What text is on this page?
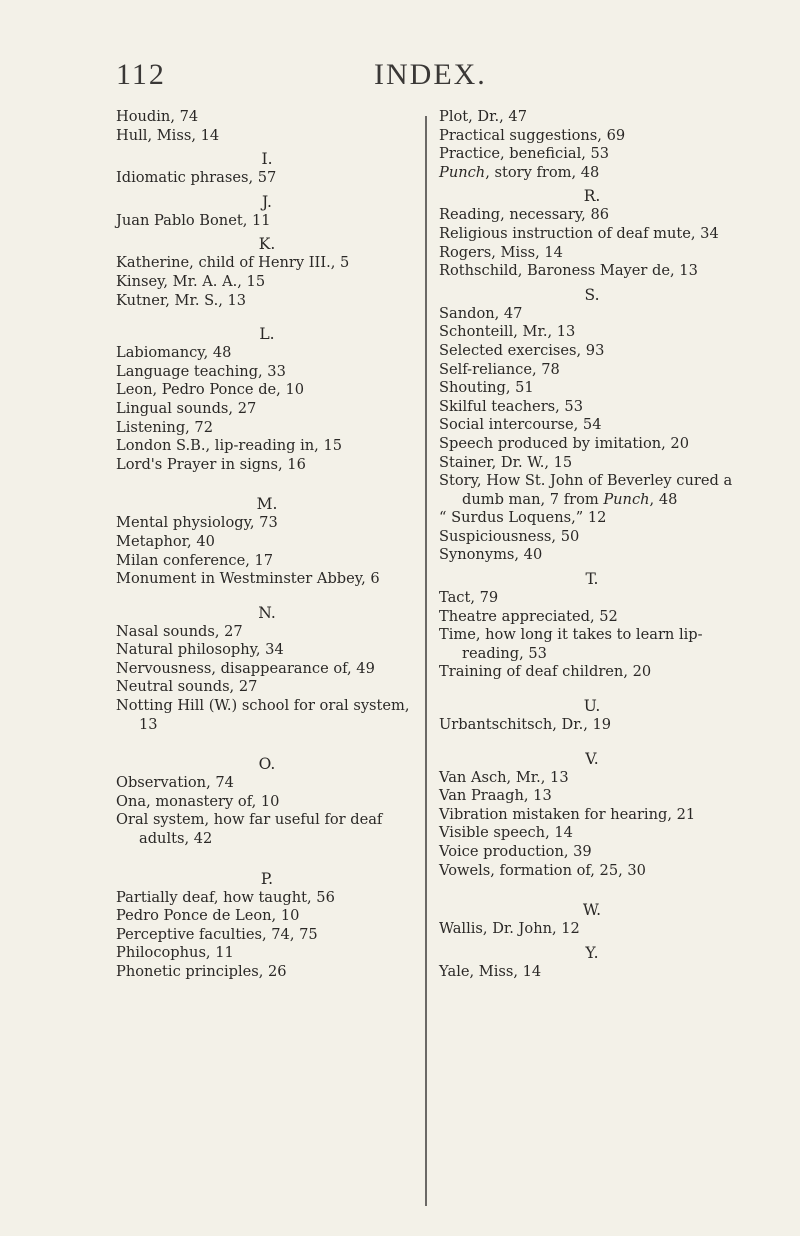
112	INDEX.
Houdin, 74
Hull, Miss, 14
I.
Idiomatic phrases, 57
J.
Juan Pablo Bonet, 11
K.
Katherine, child of Henry III., 5
Kinsey, Mr. A. A., 15
Kutner, Mr. S., 13
L.
Labiomancy, 48
Language teaching, 33
Leon, Pedro Ponce de, 10
Lingual sounds, 27
Listening, 72
London S.B., lip-reading in, 15
Lord's Prayer in signs, 16
M.
Mental physiology, 73
Metaphor, 40
Milan conference, 17
Monument in Westminster Abbey, 6
N.
Nasal sounds, 27
Natural philosophy, 34
Nervousness, disappearance of, 49
Neutral sounds, 27
Notting Hill (W.) school for oral system, 13
O.
Observation, 74
Ona, monastery of, 10
Oral system, how far useful for deaf adults, 42
P.
Partially deaf, how taught, 56
Pedro Ponce de Leon, 10
Perceptive faculties, 74, 75
Philocophus, 11
Phonetic principles, 26
Plot, Dr., 47
Practical suggestions, 69
Practice, beneficial, 53
Punch, story from, 48
R.
Reading, necessary, 86
Religious instruction of deaf mute, 34
Rogers, Miss, 14
Rothschild, Baroness Mayer de, 13
S.
Sandon, 47
Schonteill, Mr., 13
Selected exercises, 93
Self-reliance, 78
Shouting, 51
Skilful teachers, 53
Social intercourse, 54
Speech produced by imitation, 20
Stainer, Dr. W., 15
Story, How St. John of Beverley cured a dumb man, 7 from Punch, 48
“ Surdus Loquens,” 12
Suspiciousness, 50
Synonyms, 40
T.
Tact, 79
Theatre appreciated, 52
Time, how long it takes to learn lip-reading, 53
Training of deaf children, 20
U.
Urbantschitsch, Dr., 19
V.
Van Asch, Mr., 13
Van Praagh, 13
Vibration mistaken for hearing, 21
Visible speech, 14
Voice production, 39
Vowels, formation of, 25, 30
W.
Wallis, Dr. John, 12
Y.
Yale, Miss, 14
